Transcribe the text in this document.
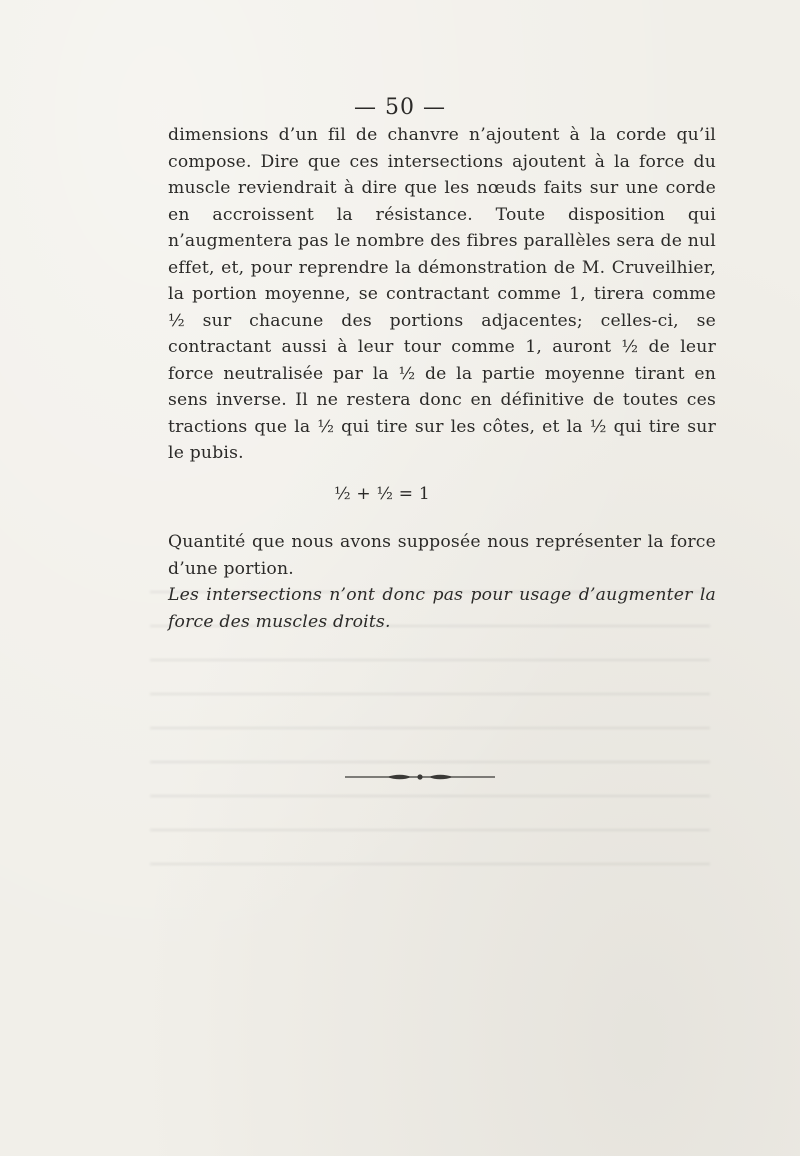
— 50 —

dimensions d’un fil de chanvre n’ajoutent à la corde qu’il compose. Dire que ces intersections ajoutent à la force du muscle reviendrait à dire que les nœuds faits sur une corde en accroissent la résistance. Toute disposition qui n’augmentera pas le nombre des fibres parallèles sera de nul effet, et, pour reprendre la démonstration de M. Cruveilhier, la portion moyenne, se contractant comme 1, tirera comme ½ sur chacune des portions adjacentes; celles-ci, se contractant aussi à leur tour comme 1, auront ½ de leur force neutralisée par la ½ de la partie moyenne tirant en sens inverse. Il ne restera donc en définitive de toutes ces tractions que la ½ qui tire sur les côtes, et la ½ qui tire sur le pubis.

½ + ½ = 1

Quantité que nous avons supposée nous représenter la force d’une portion.

Les intersections n’ont donc pas pour usage d’augmenter la force des muscles droits.
